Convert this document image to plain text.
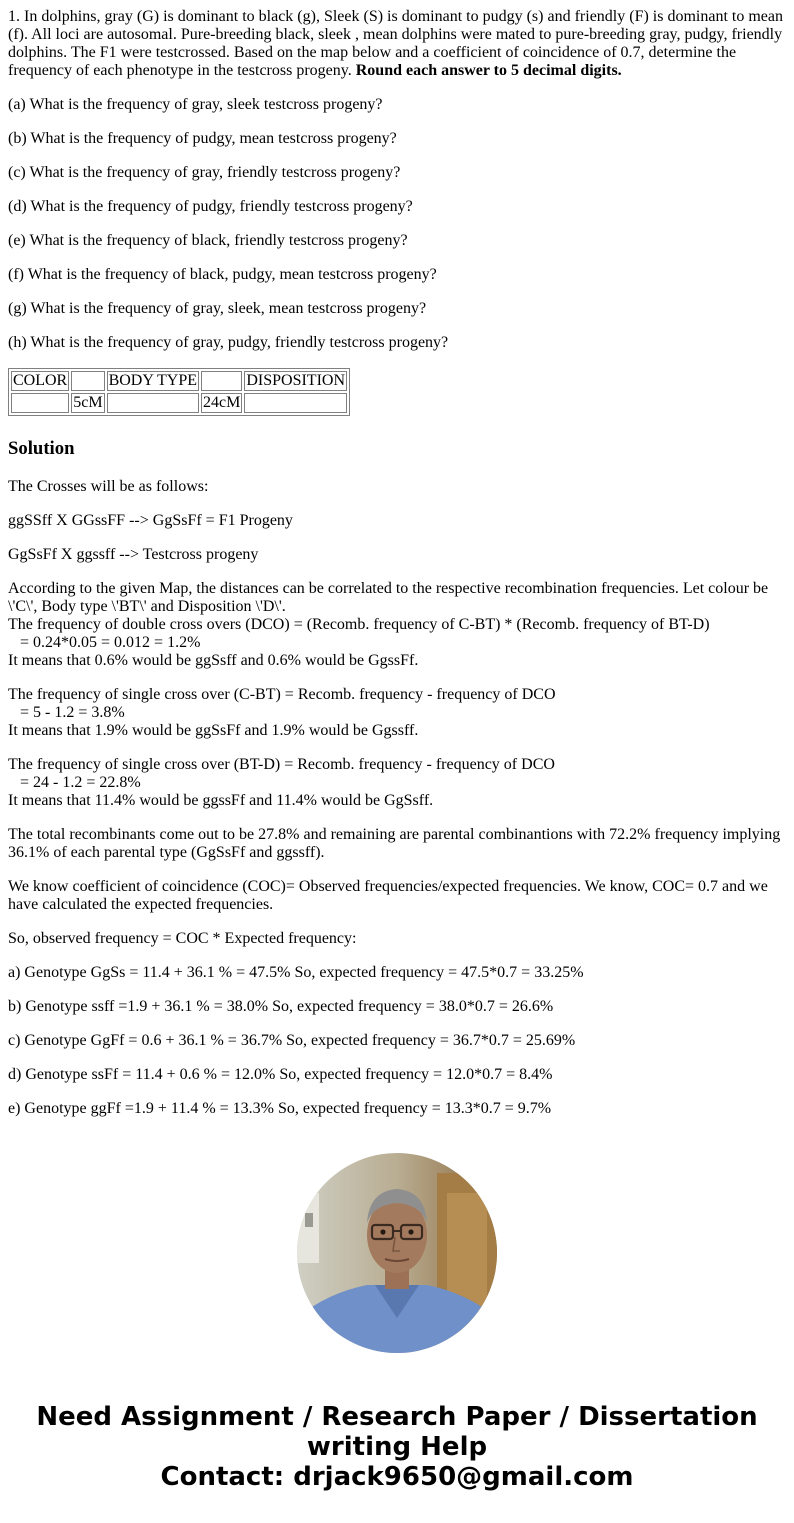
1. In dolphins, gray (G) is dominant to black (g), Sleek (S) is dominant to pudgy (s) and friendly (F) is dominant to mean (f). All loci are autosomal. Pure-breeding black, sleek , mean dolphins were mated to pure-breeding gray, pudgy, friendly dolphins. The F1 were testcrossed. Based on the map below and a coefficient of coincidence of 0.7, determine the frequency of each phenotype in the testcross progeny. Round each answer to 5 decimal digits.

(a) What is the frequency of gray, sleek testcross progeny?

(b) What is the frequency of pudgy, mean testcross progeny?

(c) What is the frequency of gray, friendly testcross progeny?

(d) What is the frequency of pudgy, friendly testcross progeny?

(e) What is the frequency of black, friendly testcross progeny?

(f) What is the frequency of black, pudgy, mean testcross progeny?

(g) What is the frequency of gray, sleek, mean testcross progeny?

(h) What is the frequency of gray, pudgy, friendly testcross progeny?

COLOR		BODY TYPE		DISPOSITION
	5cM		24cM	
Solution

The Crosses will be as follows:

ggSSff X GGssFF --> GgSsFf = F1 Progeny

GgSsFf X ggssff --> Testcross progeny

According to the given Map, the distances can be correlated to the respective recombination frequencies. Let colour be \'C\', Body type \'BT\' and Disposition \'D\'.
The frequency of double cross overs (DCO) = (Recomb. frequency of C-BT) * (Recomb. frequency of BT-D)
= 0.24*0.05 = 0.012 = 1.2%

It means that 0.6% would be ggSsff and 0.6% would be GgssFf.

The frequency of single cross over (C-BT) = Recomb. frequency - frequency of DCO
= 5 - 1.2 = 3.8%

It means that 1.9% would be ggSsFf and 1.9% would be Ggssff.

The frequency of single cross over (BT-D) = Recomb. frequency - frequency of DCO
= 24 - 1.2 = 22.8%

It means that 11.4% would be ggssFf and 11.4% would be GgSsff.

The total recombinants come out to be 27.8% and remaining are parental combinantions with 72.2% frequency implying 36.1% of each parental type (GgSsFf and ggssff).

We know coefficient of coincidence (COC)= Observed frequencies/expected frequencies. We know, COC= 0.7 and we have calculated the expected frequencies.

So, observed frequency = COC * Expected frequency:

a) Genotype GgSs = 11.4 + 36.1 % = 47.5% So, expected frequency = 47.5*0.7 = 33.25%

b) Genotype ssff =1.9 + 36.1 % = 38.0% So, expected frequency = 38.0*0.7 = 26.6%

c) Genotype GgFf = 0.6 + 36.1 % = 36.7% So, expected frequency = 36.7*0.7 = 25.69%

d) Genotype ssFf = 11.4 + 0.6 % = 12.0% So, expected frequency = 12.0*0.7 = 8.4%

e) Genotype ggFf =1.9 + 11.4 % = 13.3% So, expected frequency = 13.3*0.7 = 9.7%

Need Assignment / Research Paper / Dissertation
writing Help
Contact: drjack9650@gmail.com
